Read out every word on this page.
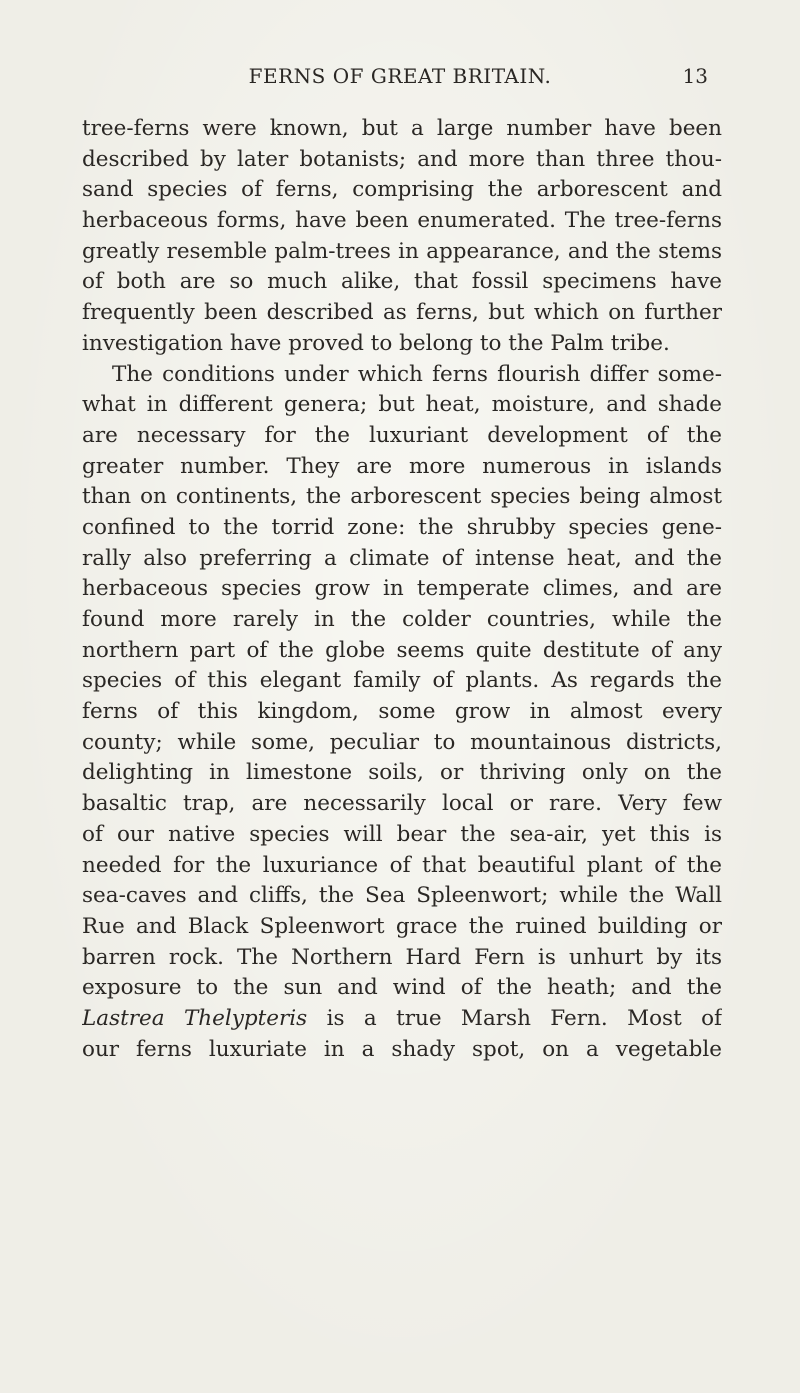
FERNS OF GREAT BRITAIN.	13
tree-ferns were known, but a large number have been
described by later botanists; and more than three thou-
sand species of ferns, comprising the arborescent and
herbaceous forms, have been enumerated. The tree-ferns
greatly resemble palm-trees in appearance, and the stems
of both are so much alike, that fossil specimens have
frequently been described as ferns, but which on further
investigation have proved to belong to the Palm tribe.
The conditions under which ferns flourish differ some-
what in different genera; but heat, moisture, and shade
are necessary for the luxuriant development of the
greater number. They are more numerous in islands
than on continents, the arborescent species being almost
confined to the torrid zone: the shrubby species gene-
rally also preferring a climate of intense heat, and the
herbaceous species grow in temperate climes, and are
found more rarely in the colder countries, while the
northern part of the globe seems quite destitute of any
species of this elegant family of plants. As regards the
ferns of this kingdom, some grow in almost every
county; while some, peculiar to mountainous districts,
delighting in limestone soils, or thriving only on the
basaltic trap, are necessarily local or rare. Very few
of our native species will bear the sea-air, yet this is
needed for the luxuriance of that beautiful plant of the
sea-caves and cliffs, the Sea Spleenwort; while the Wall
Rue and Black Spleenwort grace the ruined building or
barren rock. The Northern Hard Fern is unhurt by its
exposure to the sun and wind of the heath; and the
Lastrea Thelypteris is a true Marsh Fern. Most of
our ferns luxuriate in a shady spot, on a vegetable
